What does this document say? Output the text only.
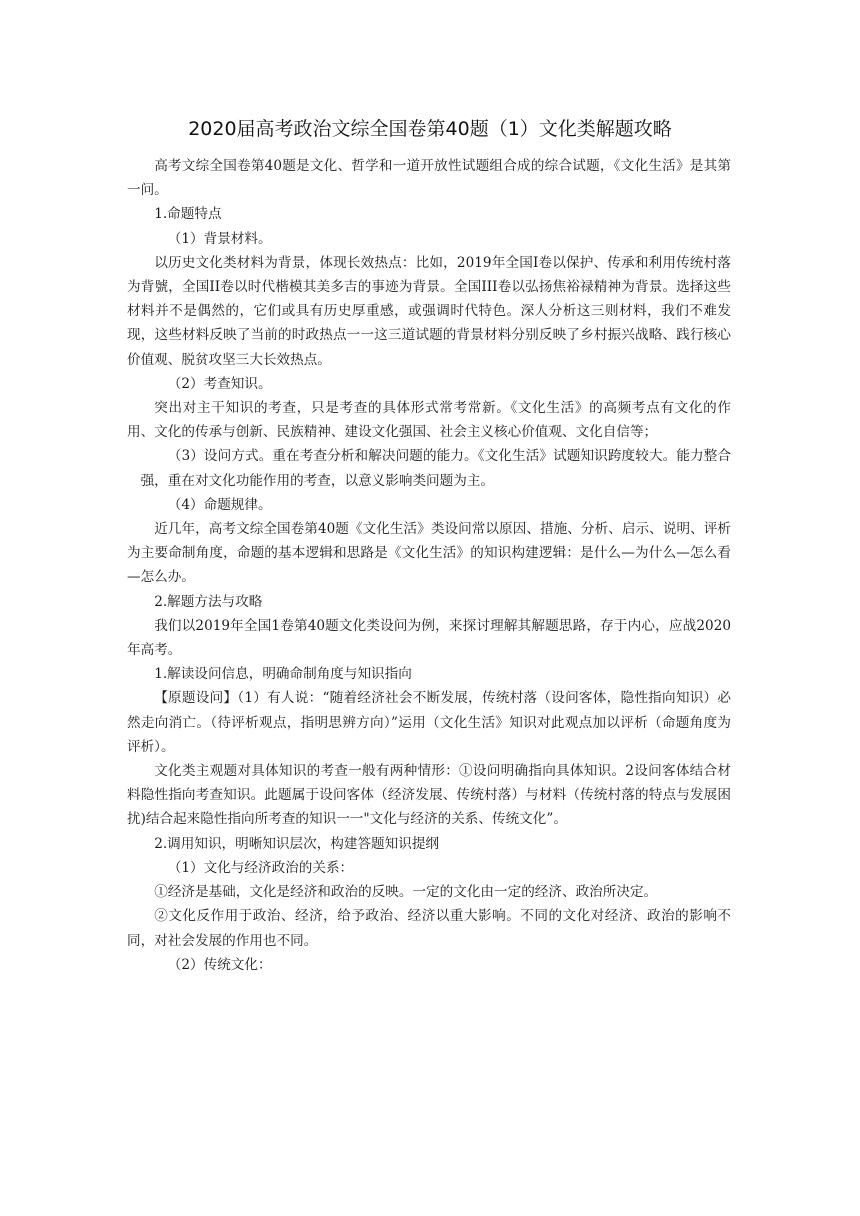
2020届高考政治文综全国卷第40题（1）文化类解题攻略

高考文综全国卷第40题是文化、哲学和一道开放性试题组合成的综合试题，《文化生活》是其第一问。

1.命题特点

（1）背景材料。

以历史文化类材料为背景，体现长效热点：比如，2019年全国I卷以保护、传承和利用传统村落为背號，全国II卷以时代楷模其美多吉的事迹为背景。全国III卷以弘扬焦裕禄精神为背景。选择这些材料并不是偶然的，它们或具有历史厚重感，或强调时代特色。深人分析这三则材料，我们不难发现，这些材料反映了当前的时政热点一一这三道试题的背景材料分别反映了乡村振兴战略、践行核心价值观、脱贫攻坚三大长效热点。

（2）考查知识。

突出对主干知识的考查，只是考查的具体形式常考常新。《文化生活》的高频考点有文化的作用、文化的传承与创新、民族精神、建设文化强国、社会主义核心价值观、文化自信等；

（3）设问方式。重在考查分析和解决问题的能力。《文化生活》试题知识跨度较大。能力整合强，重在对文化功能作用的考查，以意义影响类问题为主。

（4）命题规律。

近几年，高考文综全国卷第40题《文化生活》类设问常以原因、措施、分析、启示、说明、评析为主要命制角度，命题的基本逻辑和思路是《文化生活》的知识构建逻辑：是什么—为什么—怎么看—怎么办。

2.解题方法与攻略

我们以2019年全国1卷第40题文化类设问为例，来探讨理解其解题思路，存于内心，应战2020年高考。

1.解读设问信息，明确命制角度与知识指向

【原题设问】（1）有人说：“随着经济社会不断发展，传统村落（设问客体，隐性指向知识）必然走向消亡。（待评析观点，指明思辨方向）”运用（文化生活》知识对此观点加以评析（命题角度为评析）。

文化类主观题对具体知识的考查一般有两种情形：①设问明确指向具体知识。2设问客体结合材料隐性指向考查知识。此题属于设问客体（经济发展、传统村落）与材料（传统村落的特点与发展困扰)结合起来隐性指向所考查的知识一一"文化与经济的关系、传统文化”。

2.调用知识，明晰知识层次，构建答题知识提纲

（1）文化与经济政治的关系：

①经济是基础，文化是经济和政治的反映。一定的文化由一定的经济、政治所决定。

②文化反作用于政治、经济，给予政治、经济以重大影响。不同的文化对经济、政治的影响不同，对社会发展的作用也不同。

（2）传统文化：
